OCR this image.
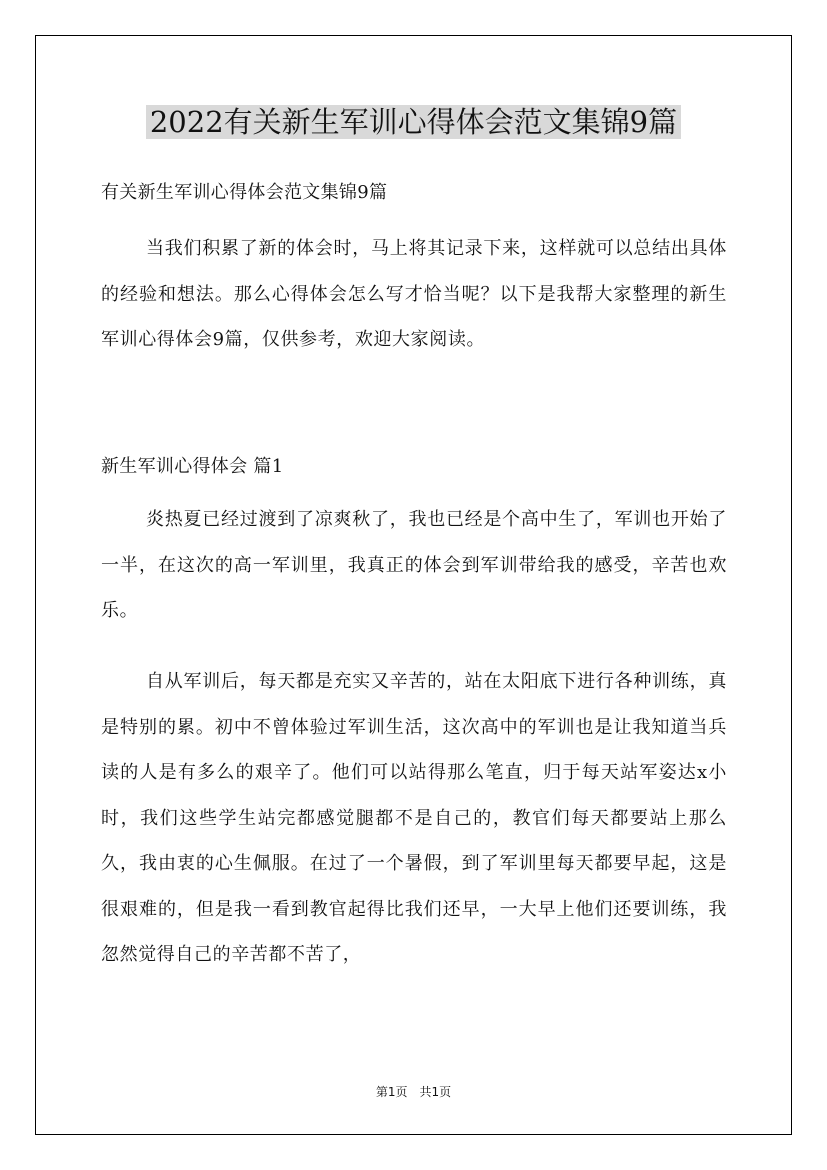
2022有关新生军训心得体会范文集锦9篇
有关新生军训心得体会范文集锦9篇
当我们积累了新的体会时，马上将其记录下来，这样就可以总结出具体的经验和想法。那么心得体会怎么写才恰当呢？以下是我帮大家整理的新生军训心得体会9篇，仅供参考，欢迎大家阅读。
新生军训心得体会 篇1
炎热夏已经过渡到了凉爽秋了，我也已经是个高中生了，军训也开始了一半，在这次的高一军训里，我真正的体会到军训带给我的感受，辛苦也欢乐。
自从军训后，每天都是充实又辛苦的，站在太阳底下进行各种训练，真是特别的累。初中不曾体验过军训生活，这次高中的军训也是让我知道当兵读的人是有多么的艰辛了。他们可以站得那么笔直，归于每天站军姿达x小时，我们这些学生站完都感觉腿都不是自己的，教官们每天都要站上那么久，我由衷的心生佩服。在过了一个暑假，到了军训里每天都要早起，这是很艰难的，但是我一看到教官起得比我们还早，一大早上他们还要训练，我忽然觉得自己的辛苦都不苦了，
第1页　共1页
